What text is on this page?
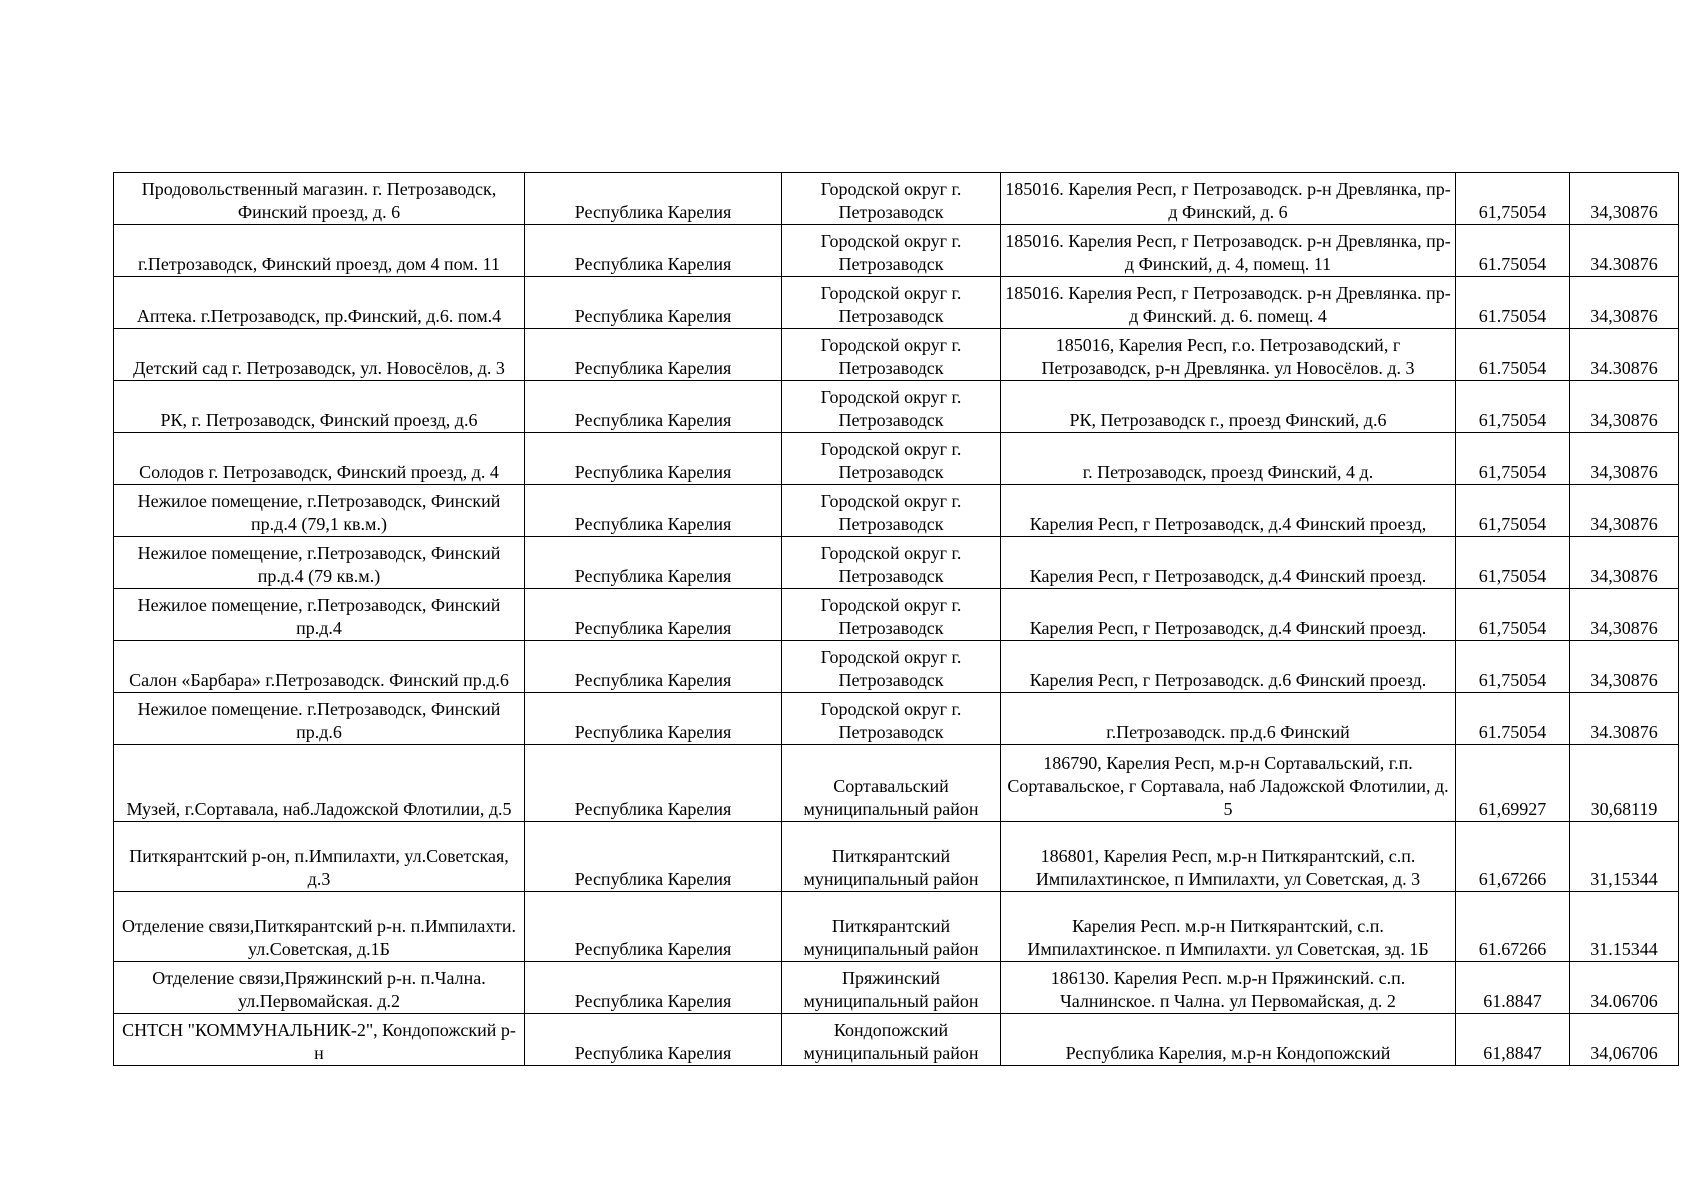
Продовольственный магазин. г. Петрозаводск, Финский проезд, д. 6	Республика Карелия	Городской округ г. Петрозаводск	185016. Карелия Респ, г Петрозаводск. р-н Древлянка, пр-д Финский, д. 6	61,75054	34,30876

г.Петрозаводск, Финский проезд, дом 4 пом. 11	Республика Карелия	Городской округ г. Петрозаводск	185016. Карелия Респ, г Петрозаводск. р-н Древлянка, пр-д Финский, д. 4, помещ. 11	61.75054	34.30876

Аптека. г.Петрозаводск, пр.Финский, д.6. пом.4	Республика Карелия	Городской округ г. Петрозаводск	185016. Карелия Респ, г Петрозаводск. р-н Древлянка. пр-д Финский. д. 6. помещ. 4	61.75054	34,30876

Детский сад г. Петрозаводск, ул. Новосёлов, д. 3	Республика Карелия	Городской округ г. Петрозаводск	185016, Карелия Респ, г.о. Петрозаводский, г Петрозаводск, р-н Древлянка. ул Новосёлов. д. 3	61.75054	34.30876

РК, г. Петрозаводск, Финский проезд, д.6	Республика Карелия	Городской округ г. Петрозаводск	РК, Петрозаводск г., проезд Финский, д.6	61,75054	34,30876

Солодов г. Петрозаводск, Финский проезд, д. 4	Республика Карелия	Городской округ г. Петрозаводск	г. Петрозаводск, проезд Финский, 4 д.	61,75054	34,30876

Нежилое помещение, г.Петрозаводск, Финский пр.д.4 (79,1 кв.м.)	Республика Карелия	Городской округ г. Петрозаводск	Карелия Респ, г Петрозаводск, д.4 Финский проезд,	61,75054	34,30876

Нежилое помещение, г.Петрозаводск, Финский пр.д.4 (79 кв.м.)	Республика Карелия	Городской округ г. Петрозаводск	Карелия Респ, г Петрозаводск, д.4 Финский проезд.	61,75054	34,30876

Нежилое помещение, г.Петрозаводск, Финский пр.д.4	Республика Карелия	Городской округ г. Петрозаводск	Карелия Респ, г Петрозаводск, д.4 Финский проезд.	61,75054	34,30876

Салон «Барбара» г.Петрозаводск. Финский пр.д.6	Республика Карелия	Городской округ г. Петрозаводск	Карелия Респ, г Петрозаводск. д.6 Финский проезд.	61,75054	34,30876

Нежилое помещение. г.Петрозаводск, Финский пр.д.6	Республика Карелия	Городской округ г. Петрозаводск	г.Петрозаводск. пр.д.6 Финский	61.75054	34.30876

Музей, г.Сортавала, наб.Ладожской Флотилии, д.5	Республика Карелия	Сортавальский муниципальный район	186790, Карелия Респ, м.р-н Сортавальский, г.п. Сортавальское, г Сортавала, наб Ладожской Флотилии, д. 5	61,69927	30,68119

Питкярантский р-он, п.Импилахти, ул.Советская, д.3	Республика Карелия	Питкярантский муниципальный район	186801, Карелия Респ, м.р-н Питкярантский, с.п. Импилахтинское, п Импилахти, ул Советская, д. 3	61,67266	31,15344

Отделение связи,Питкярантский р-н. п.Импилахти. ул.Советская, д.1Б	Республика Карелия	Питкярантский муниципальный район	Карелия Респ. м.р-н Питкярантский, с.п. Импилахтинское. п Импилахти. ул Советская, зд. 1Б	61.67266	31.15344

Отделение связи,Пряжинский р-н. п.Чална. ул.Первомайская. д.2	Республика Карелия	Пряжинский муниципальный район	186130. Карелия Респ. м.р-н Пряжинский. с.п. Чалнинское. п Чална. ул Первомайская, д. 2	61.8847	34.06706

СНТСН "КОММУНАЛЬНИК-2", Кондопожский р-н	Республика Карелия	Кондопожский муниципальный район	Республика Карелия, м.р-н Кондопожский	61,8847	34,06706
